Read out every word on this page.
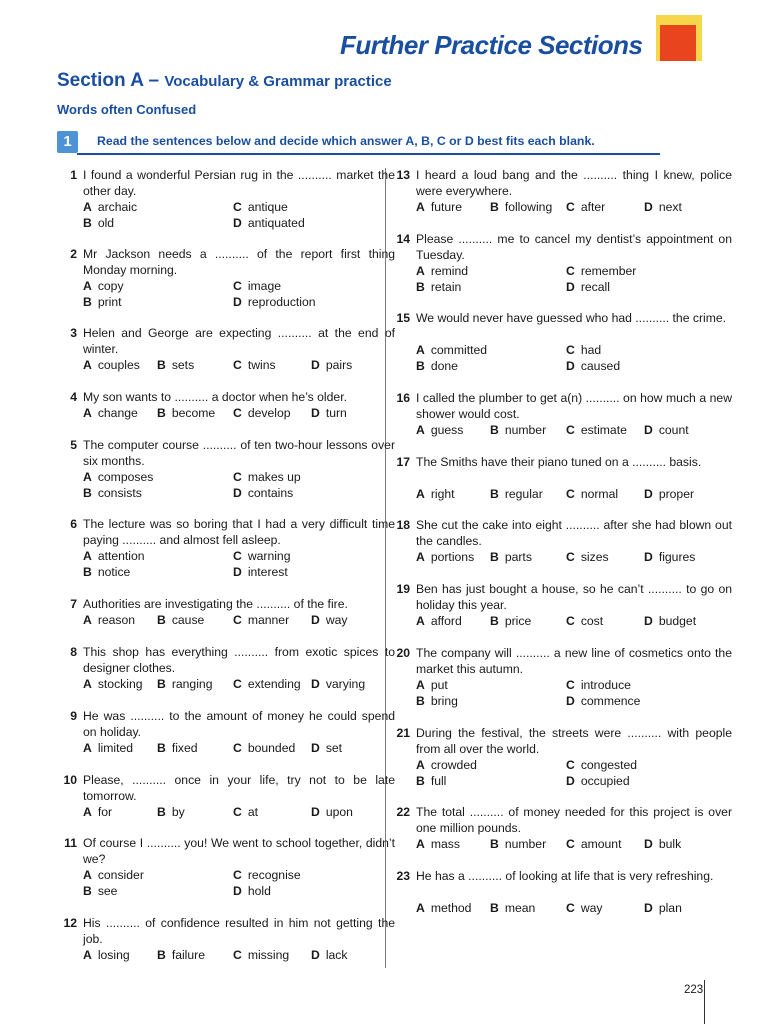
Further Practice Sections
Section A – Vocabulary & Grammar practice
Words often Confused
1	Read the sentences below and decide which answer A, B, C or D best fits each blank.
1 I found a wonderful Persian rug in the .......... market the other day.
A archaic	C antique
B old	D antiquated
2 Mr Jackson needs a .......... of the report first thing Monday morning.
A copy	C image
B print	D reproduction
3 Helen and George are expecting .......... at the end of winter.
A couples B sets	C twins	D pairs
4 My son wants to .......... a doctor when he’s older.
A change B become C develop D turn
5 The computer course .......... of ten two-hour lessons over six months.
A composes	C makes up
B consists	D contains
6 The lecture was so boring that I had a very difficult time paying .......... and almost fell asleep.
A attention	C warning
B notice	D interest
7 Authorities are investigating the .......... of the fire.
A reason B cause C manner D way
8 This shop has everything .......... from exotic spices to designer clothes.
A stocking B ranging C extending D varying
9 He was .......... to the amount of money he could spend on holiday.
A limited B fixed	C bounded D set
10 Please, .......... once in your life, try not to be late tomorrow.
A for	B by	C at	D upon
11 Of course I .......... you! We went to school together, didn’t we?
A consider	C recognise
B see	D hold
12 His .......... of confidence resulted in him not getting the job.
A losing B failure C missing D lack
13 I heard a loud bang and the .......... thing I knew, police were everywhere.
A future B following C after	D next
14 Please .......... me to cancel my dentist’s appointment on Tuesday.
A remind	C remember
B retain	D recall
15 We would never have guessed who had .......... the crime.
A committed	C had
B done	D caused
16 I called the plumber to get a(n) .......... on how much a new shower would cost.
A guess B number C estimate D count
17 The Smiths have their piano tuned on a .......... basis.
A right	B regular C normal D proper
18 She cut the cake into eight .......... after she had blown out the candles.
A portions B parts	C sizes	D figures
19 Ben has just bought a house, so he can’t .......... to go on holiday this year.
A afford B price	C cost	D budget
20 The company will .......... a new line of cosmetics onto the market this autumn.
A put	C introduce
B bring	D commence
21 During the festival, the streets were .......... with people from all over the world.
A crowded	C congested
B full	D occupied
22 The total .......... of money needed for this project is over one million pounds.
A mass B number C amount D bulk
23 He has a .......... of looking at life that is very refreshing.
A method B mean	C way	D plan
223
